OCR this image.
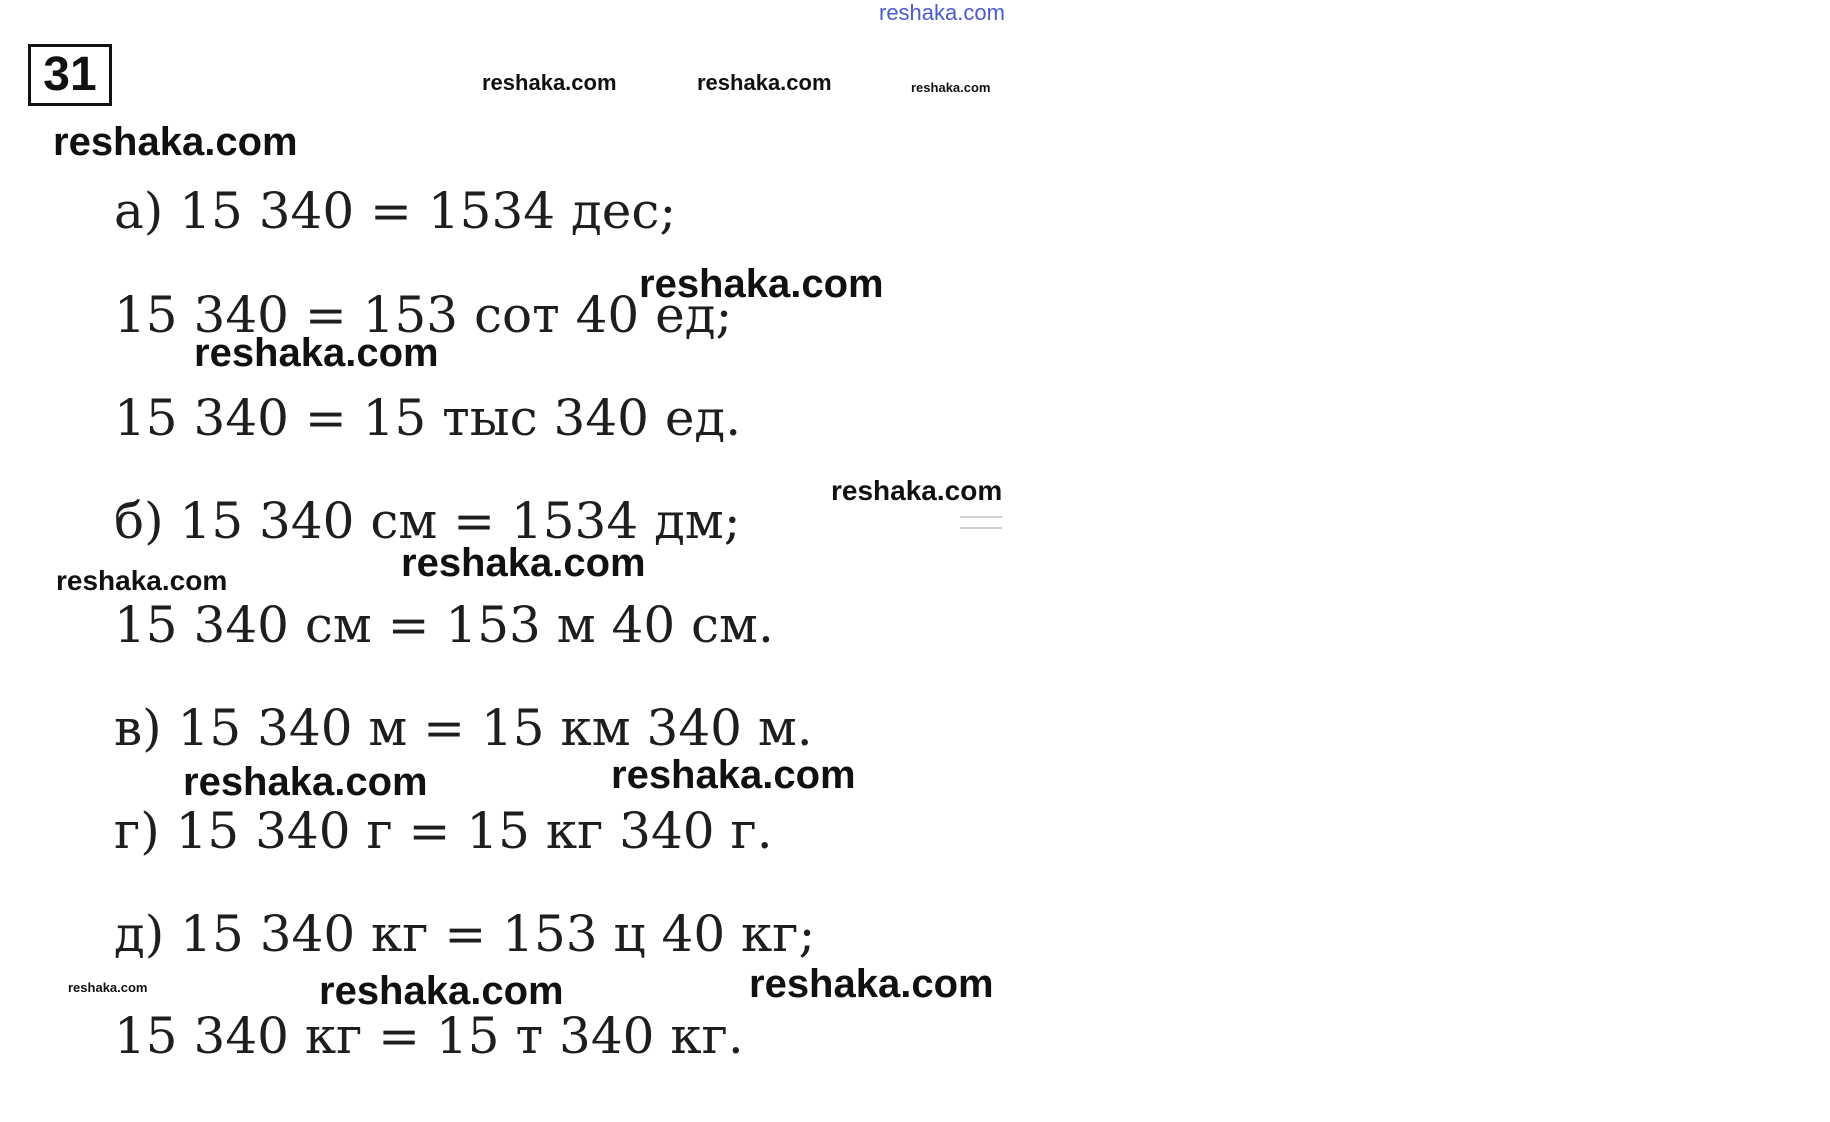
31
а) 15 340 = 1534 дес;
15 340 = 153 сот 40 ед;
15 340 = 15 тыс 340 ед.
б) 15 340 см = 1534 дм;
15 340 см = 153 м 40 см.
в) 15 340 м = 15 км 340 м.
г) 15 340 г = 15 кг 340 г.
д) 15 340 кг = 153 ц 40 кг;
15 340 кг = 15 т 340 кг.
reshaka.com
reshaka.com	reshaka.com	reshaka.com
reshaka.com
reshaka.com
reshaka.com
reshaka.com
reshaka.com	reshaka.com
reshaka.com	reshaka.com
reshaka.com	reshaka.com	reshaka.com
